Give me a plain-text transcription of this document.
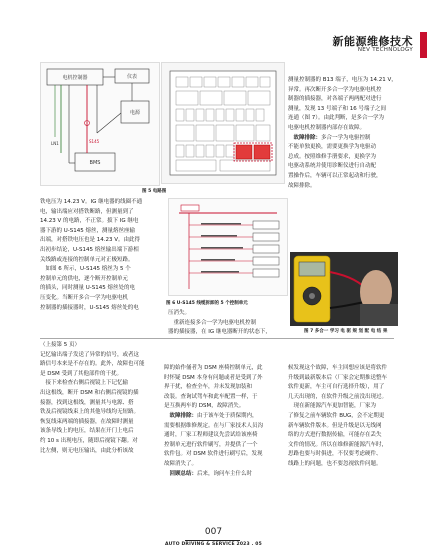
新能源维修技术
NEV TECHNOLOGY
电机控制器	仪表
电源
BMS
LN1	S145
图 5 电路图

铁电压为 14.23 V。IG 继电器的线圈不通

电，输出端应对搭铁断路，但测量到了

14.23 V 的电路，不正常。拔下 IG 继电

器下游的 U-S145 熔丝，测量熔丝座输

出端，对搭铁电压也是 14.23 V。由此得

出初步结论，U-S145 熔丝输出端下游相

关线路或连接的控制单元对正极短路。

　如图 6 所示，U-S145 熔丝为 5 个

控制单元的供电，逐个断开控制单元

的插头，同时测量 U-S145 熔丝处的电

压变化。当断开多合一学为电驱电机

控制器的插接器时，U-S145 熔丝处的电

图 6 U-S145 线缆拆卸的 5 个控制单元

压消失。

　重新连接多合一学为电驱电机控制

器的插接器，在 IG 继电器断开的状态下，

测量控制器的 B13 端子，电压为 14.21 V，

异常。再次断开多合一学为电驱电机控

制器的插接器，对各端子两两配对进行

测量，发现 13 号端子和 16 号端子之间

连通（图 7）。由此判断，是多合一学为

电驱电机控制器内部存在故障。

　故障排除：多合一学为电驱控制

不能单独更换，需要更换学为电驱动

总成。按照维修手册要求，更换学为

电驱动系统并使用诊断仪进行自动配

置操作后，车辆可以正常起动和行驶，

故障排除。

图 7 多合一 学习 电 驱 规 划 配 电 结 果

（上接第 5 页）

记忆输出端子发送了异常的信号，或者这

路信号本来是不存在的。此外，故障也可能

是 DSM 受到了其他部件的干扰。

　接下来检查右侧后视镜上下记忆输

出这根线，断开 DSM 和右侧后视镜的插

接器，找到这根线，测量其与电源、搭

铁及后视镜线束上的其他导线均无短路。

恢复线束两端的插接器，在故障时测量

该条导线上的电压，结果在开门上电后

约 10 s 出现电压，随即后视镜下翻。对

比左侧，则无电压输出，由此分析该故

障的始作俑者为 DSM 座椅控制单元，此

时怀疑 DSM 本身有问题或者是受到了外

界干扰，检查全车，并未发现加装和

改装。查询试驾车和此车配置一样，于

是互换两车的 DSM，故障消失。

　故障排除：由于该车处于质保期内，

需要根据维修规定。在与厂家技术人员沟

通时，厂家工程师建议先尝试给该座椅

控制单元进行软件刷写，并提供了一个

软件包。对 DSM 软件进行刷写后，发现

故障消失了。

　回顾总结：后来，询问车主什么时

候发现这个故障，车主回想应该是将软件

升级到最新版本后（厂家会定期推送整车

软件更新，车主可自行选择升级），用了

几天出现的，在软件升级之前没出现过。

　现在新能源汽车更加智能，厂家为

了修复之前车辆软件 BUG，会不定期更

新车辆软件版本。但是升级是以无线网

络的方式进行数据传输，可能存在丢失

文件的情况。所以在维修新能源汽车时，

思路也要与时俱进，不仅要考虑硬件、

线路上的问题，也不要忽视软件问题。

007
AUTO DRIVING & SERVICE 2023 . 05
